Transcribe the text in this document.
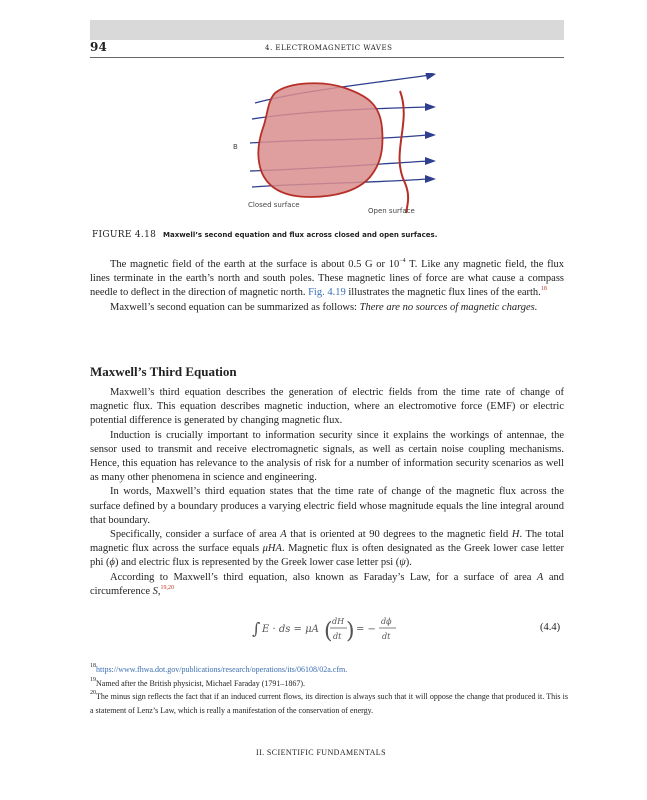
94	4. ELECTROMAGNETIC WAVES
B
Closed surface
Open surface
FIGURE 4.18 Maxwell’s second equation and flux across closed and open surfaces.

The magnetic field of the earth at the surface is about 0.5 G or $10^{-4}$ T. Like any magnetic field, the flux lines terminate in the earth’s north and south poles. These magnetic lines of force are what cause a compass needle to deflect in the direction of magnetic north. Fig. 4.19 illustrates the magnetic flux lines of the earth.$^{18}$

Maxwell’s second equation can be summarized as follows: There are no sources of magnetic charges.

Maxwell’s Third Equation

Maxwell’s third equation describes the generation of electric fields from the time rate of change of magnetic flux. This equation describes magnetic induction, where an electromotive force (EMF) or electric potential difference is generated by changing magnetic flux.

Induction is crucially important to information security since it explains the workings of antennae, the sensor used to transmit and receive electromagnetic signals, as well as certain noise coupling mechanisms. Hence, this equation has relevance to the analysis of risk for a number of information security scenarios as well as many other phenomena in science and engineering.

In words, Maxwell’s third equation states that the time rate of change of the magnetic flux across the surface defined by a boundary produces a varying electric field whose magnitude equals the line integral around that boundary.

Specifically, consider a surface of area A that is oriented at 90 degrees to the magnetic field H. The total magnetic flux across the surface equals μHA. Magnetic flux is often designated as the Greek lower case letter phi (ϕ) and electric flux is represented by the Greek lower case letter psi (ψ).

According to Maxwell’s third equation, also known as Faraday’s Law, for a surface of area A and circumference S,$^{19,20}$

∫ E · ds = μA ( dH
dt ) = −
dϕ
dt
(4.4)
$^{18}$https://www.fhwa.dot.gov/publications/research/operations/its/06108/02a.cfm.
$^{19}$Named after the British physicist, Michael Faraday (1791–1867).
$^{20}$The minus sign reflects the fact that if an induced current flows, its direction is always such that it will oppose the change that produced it. This is a statement of Lenz’s Law, which is really a manifestation of the conservation of energy.
II. SCIENTIFIC FUNDAMENTALS
